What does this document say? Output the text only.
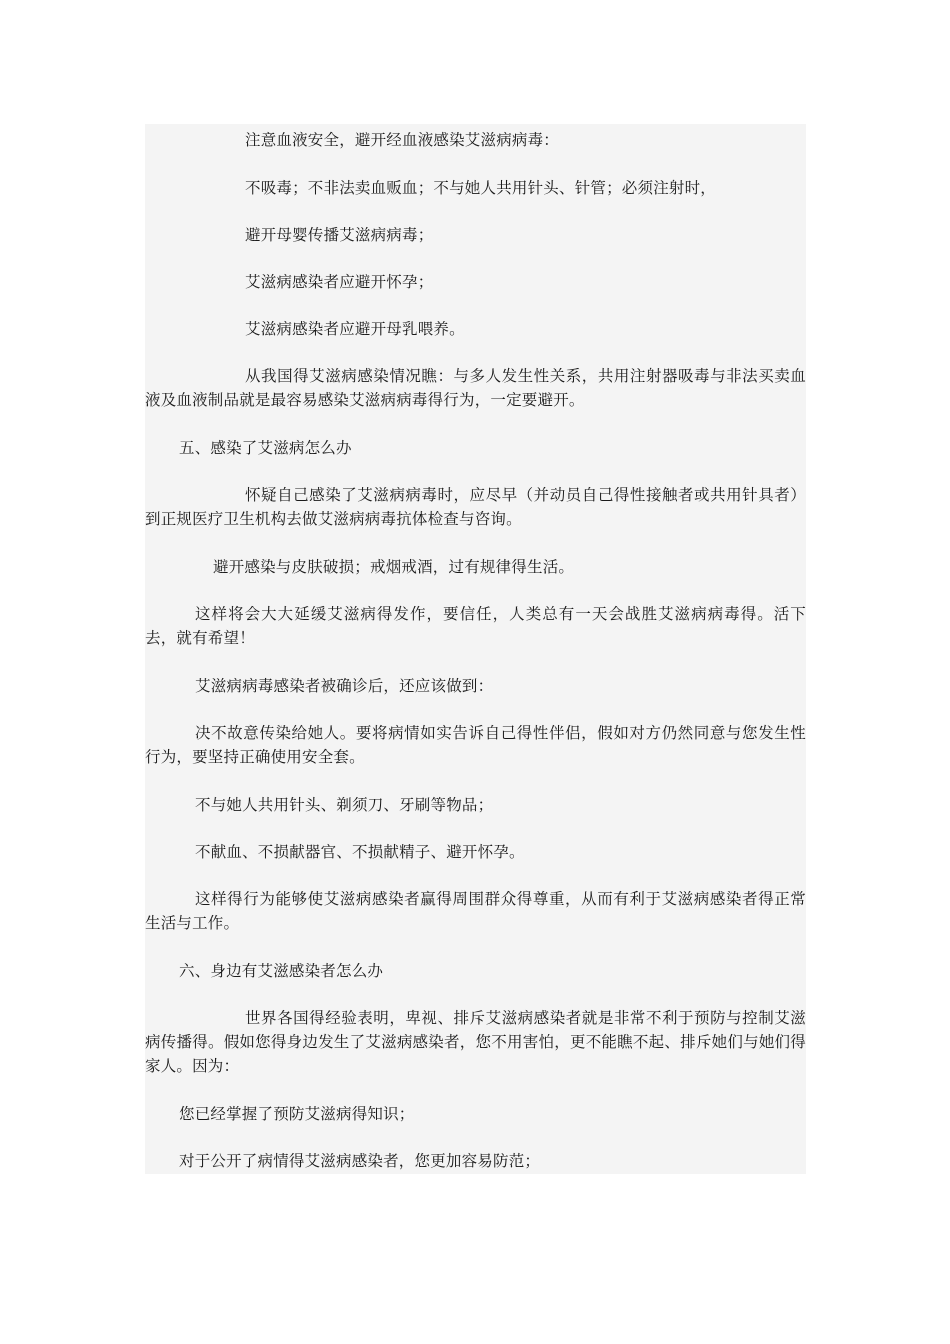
注意血液安全，避开经血液感染艾滋病病毒：

不吸毒；不非法卖血贩血；不与她人共用针头、针管；必须注射时，

避开母婴传播艾滋病病毒；

艾滋病感染者应避开怀孕；

艾滋病感染者应避开母乳喂养。

从我国得艾滋病感染情况瞧：与多人发生性关系，共用注射器吸毒与非法买卖血液及血液制品就是最容易感染艾滋病病毒得行为，一定要避开。

五、感染了艾滋病怎么办

怀疑自己感染了艾滋病病毒时，应尽早（并动员自己得性接触者或共用针具者）到正规医疗卫生机构去做艾滋病病毒抗体检查与咨询。

避开感染与皮肤破损；戒烟戒酒，过有规律得生活。

这样将会大大延缓艾滋病得发作，要信任，人类总有一天会战胜艾滋病病毒得。活下去，就有希望！

艾滋病病毒感染者被确诊后，还应该做到：

决不故意传染给她人。要将病情如实告诉自己得性伴侣，假如对方仍然同意与您发生性行为，要坚持正确使用安全套。

不与她人共用针头、剃须刀、牙刷等物品；

不献血、不损献器官、不损献精子、避开怀孕。

这样得行为能够使艾滋病感染者赢得周围群众得尊重，从而有利于艾滋病感染者得正常生活与工作。

六、身边有艾滋感染者怎么办

世界各国得经验表明，卑视、排斥艾滋病感染者就是非常不利于预防与控制艾滋病传播得。假如您得身边发生了艾滋病感染者，您不用害怕，更不能瞧不起、排斥她们与她们得家人。因为：

您已经掌握了预防艾滋病得知识；

对于公开了病情得艾滋病感染者，您更加容易防范；
